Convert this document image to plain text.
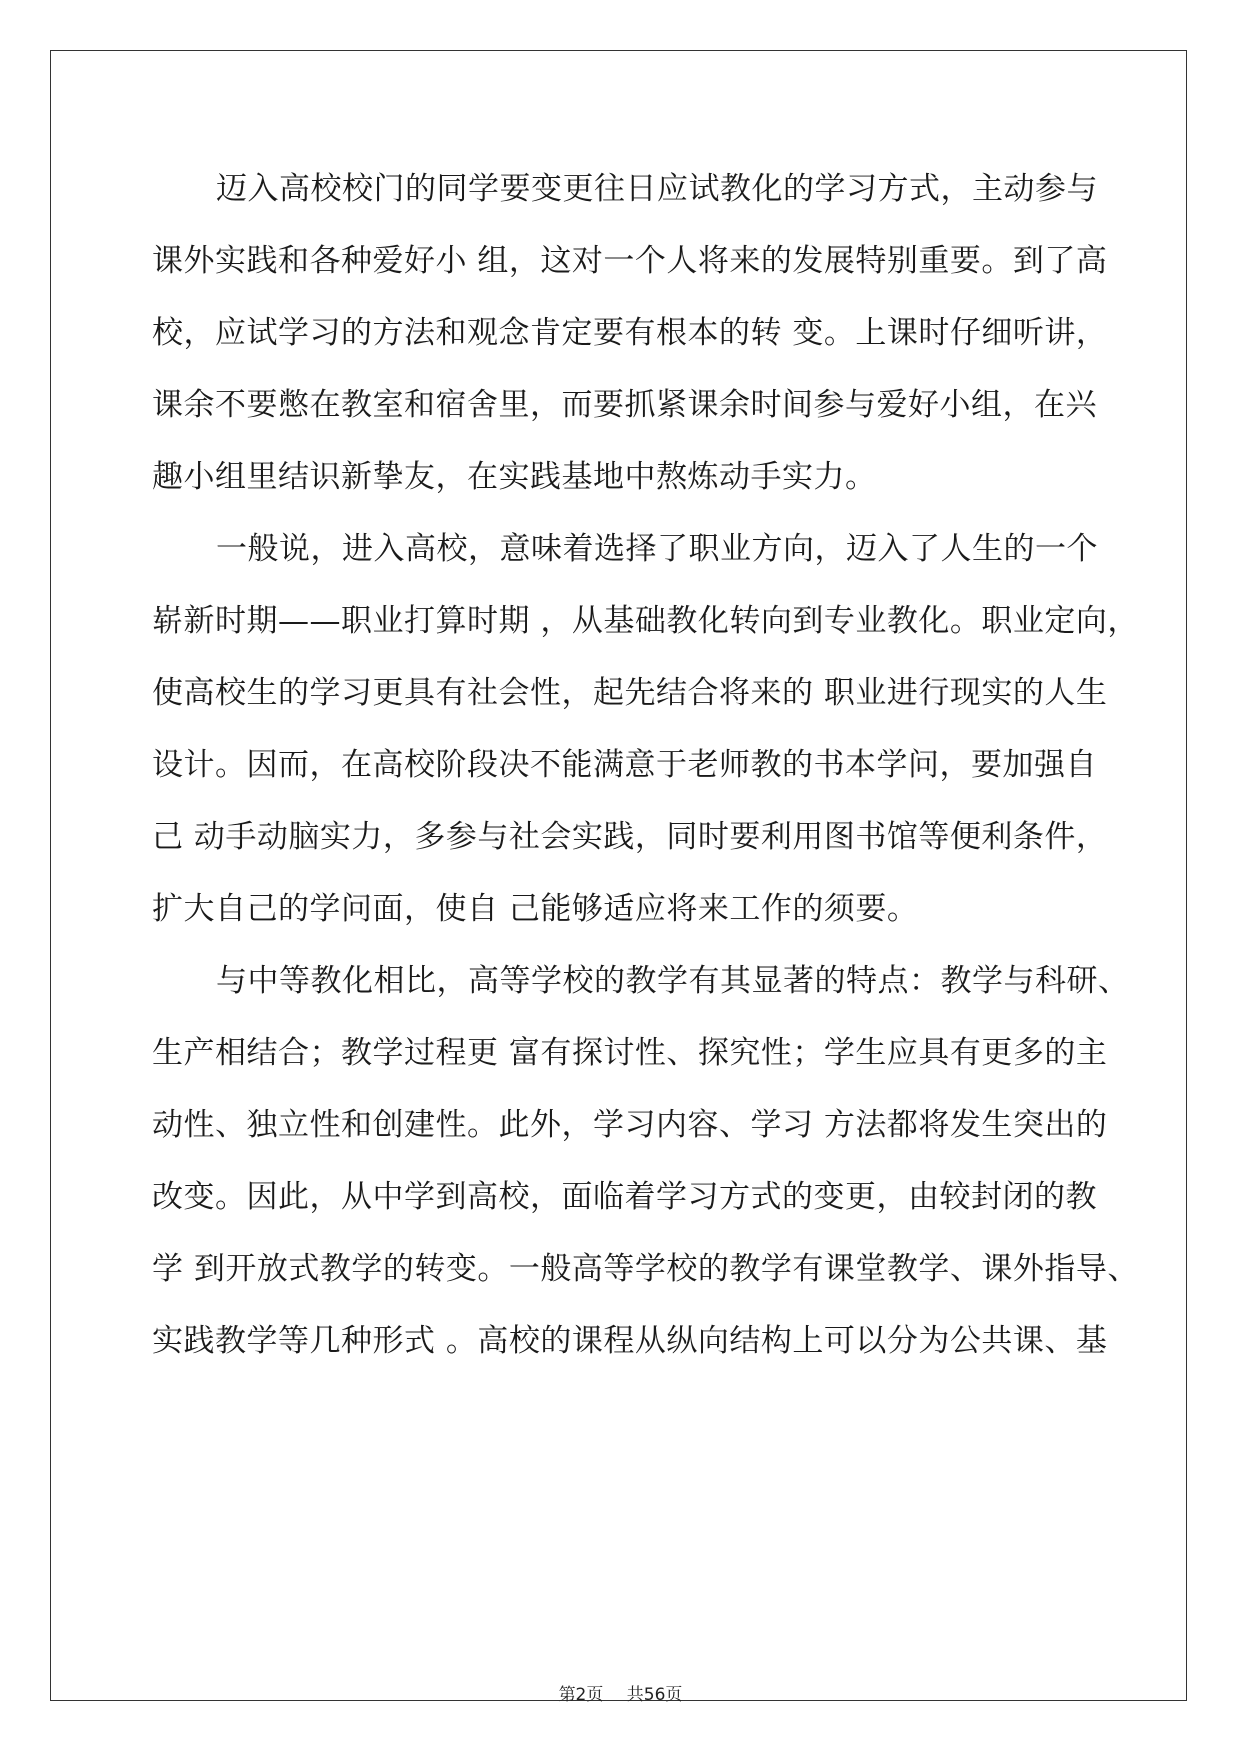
迈入高校校门的同学要变更往日应试教化的学习方式，主动参与
课外实践和各种爱好小 组，这对一个人将来的发展特别重要。到了高
校，应试学习的方法和观念肯定要有根本的转 变。上课时仔细听讲，
课余不要憋在教室和宿舍里，而要抓紧课余时间参与爱好小组，在兴
趣小组里结识新挚友，在实践基地中熬炼动手实力。
一般说，进入高校，意味着选择了职业方向，迈入了人生的一个
崭新时期——职业打算时期 ，从基础教化转向到专业教化。职业定向，
使高校生的学习更具有社会性，起先结合将来的 职业进行现实的人生
设计。因而，在高校阶段决不能满意于老师教的书本学问，要加强自
己 动手动脑实力，多参与社会实践，同时要利用图书馆等便利条件，
扩大自己的学问面，使自 己能够适应将来工作的须要。
与中等教化相比，高等学校的教学有其显著的特点：教学与科研、
生产相结合；教学过程更 富有探讨性、探究性；学生应具有更多的主
动性、独立性和创建性。此外，学习内容、学习 方法都将发生突出的
改变。因此，从中学到高校，面临着学习方式的变更，由较封闭的教
学 到开放式教学的转变。一般高等学校的教学有课堂教学、课外指导、
实践教学等几种形式 。高校的课程从纵向结构上可以分为公共课、基
第2页 共56页
